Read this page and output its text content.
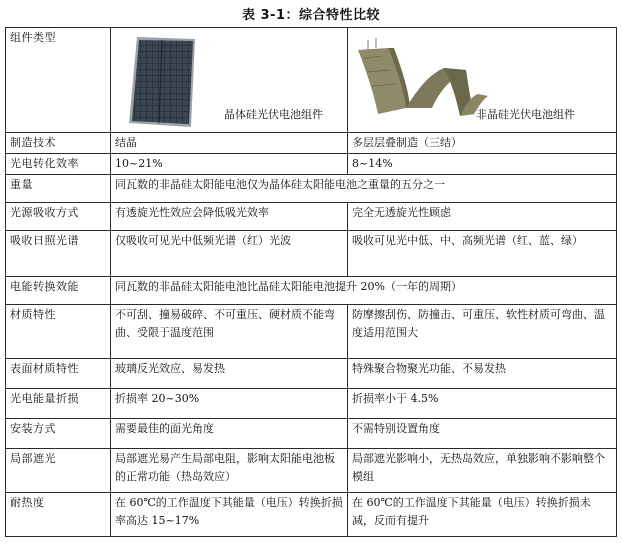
表 3-1：综合特性比较
组件类型	晶体硅光伏电池组件	非晶硅光伏电池组件

制造技术	结晶	多层层叠制造（三结）
光电转化效率	10~21%	8~14%
重量	同瓦数的非晶硅太阳能电池仅为晶体硅太阳能电池之重量的五分之一	
光源吸收方式	有透旋光性效应会降低吸光效率	完全无透旋光性顾虑
吸收日照光谱	仅吸收可见光中低频光谱（红）光波	吸收可见光中低、中、高频光谱（红、蓝、绿）
电能转换效能	同瓦数的非晶硅太阳能电池比晶硅太阳能电池提升 20%（一年的周期）	
材质特性	不可刮、撞易破碎、不可重压、硬材质不能弯曲、受限于温度范围	防摩擦刮伤、防撞击、可重压、软性材质可弯曲、温度适用范围大
表面材质特性	玻璃反光效应、易发热	特殊聚合物聚光功能、不易发热
光电能量折损	折损率 20~30%	折损率小于 4.5%
安装方式	需要最佳的面光角度	不需特别设置角度
局部遮光	局部遮光易产生局部电阻，影响太阳能电池板的正常功能（热岛效应）	局部遮光影响小，无热岛效应，单独影响不影响整个模组
耐热度	在 60℃的工作温度下其能量（电压）转换折损率高达 15~17%	在 60℃的工作温度下其能量（电压）转换折损未减，反而有提升
